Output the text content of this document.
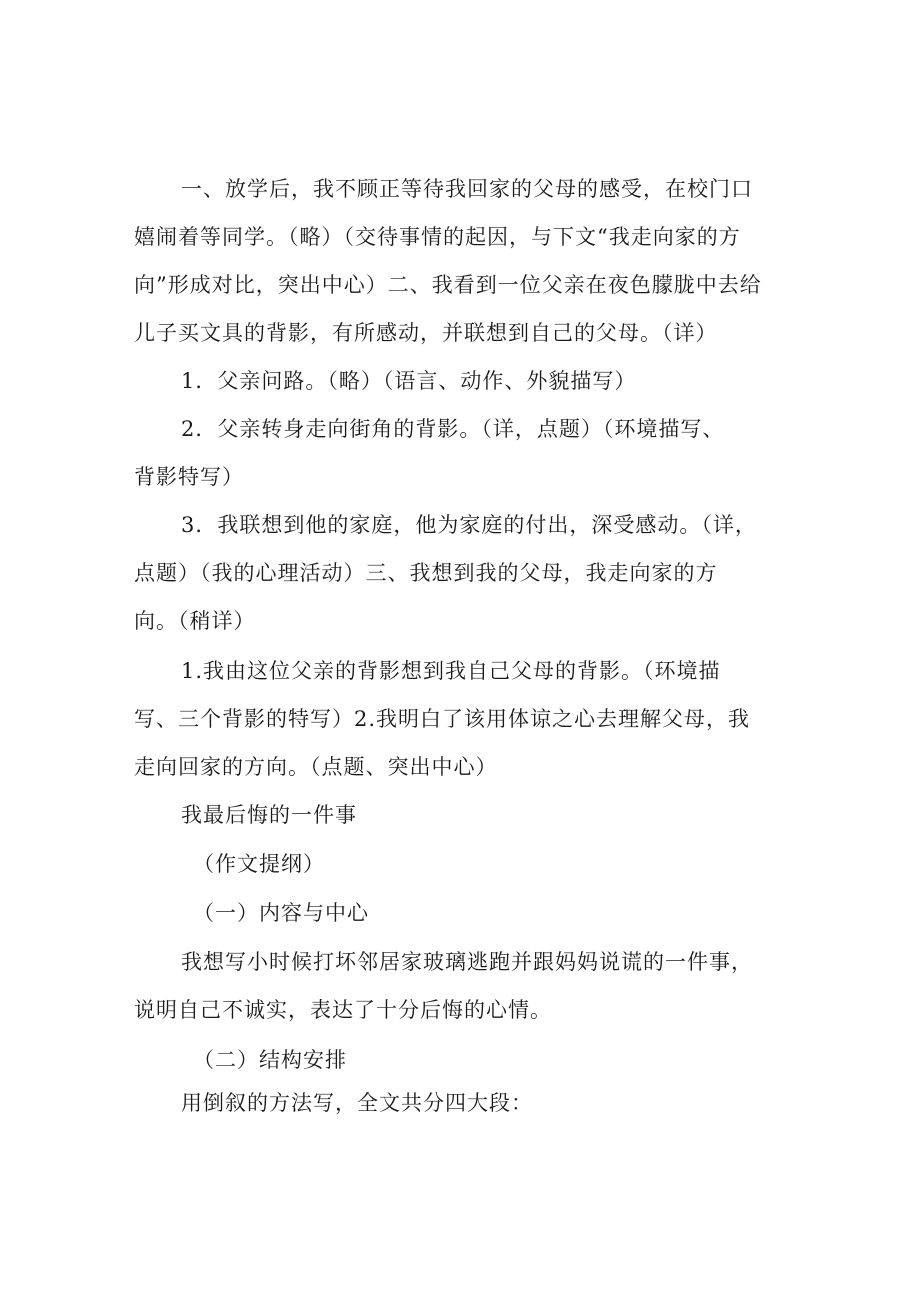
一、放学后，我不顾正等待我回家的父母的感受，在校门口

嬉闹着等同学。（略）（交待事情的起因，与下文“我走向家的方

向”形成对比，突出中心）二、我看到一位父亲在夜色朦胧中去给

儿子买文具的背影，有所感动，并联想到自己的父母。（详）

1．父亲问路。（略）（语言、动作、外貌描写）

2．父亲转身走向街角的背影。（详，点题）（环境描写、

背影特写）

3．我联想到他的家庭，他为家庭的付出，深受感动。（详，

点题）（我的心理活动）三、我想到我的父母，我走向家的方

向。（稍详）

1.我由这位父亲的背影想到我自己父母的背影。（环境描

写、三个背影的特写）2.我明白了该用体谅之心去理解父母，我

走向回家的方向。（点题、突出中心）

我最后悔的一件事

（作文提纲）

（一）内容与中心

我想写小时候打坏邻居家玻璃逃跑并跟妈妈说谎的一件事，

说明自己不诚实，表达了十分后悔的心情。

（二）结构安排

用倒叙的方法写，全文共分四大段：
